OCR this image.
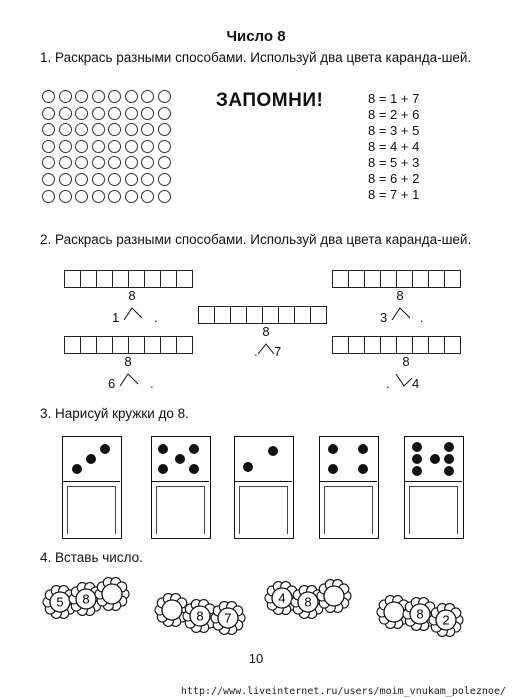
Число 8
1. Раскрась разными способами. Используй два цвета каранда-шей.
ЗАПОМНИ!	8 = 1 + 7
8 = 2 + 6
8 = 3 + 5
8 = 4 + 4
8 = 5 + 3
8 = 6 + 2
8 = 7 + 1
2. Раскрась разными способами. Используй два цвета каранда-шей.
8
1	.
8
. 7
8
3	.
8
6	.
8
. 4
3. Нарисуй кружки до 8.
4. Вставь число.
5 8
8 7
4 8
8 2
10
http://www.liveinternet.ru/users/moim_vnukam_poleznoe/
